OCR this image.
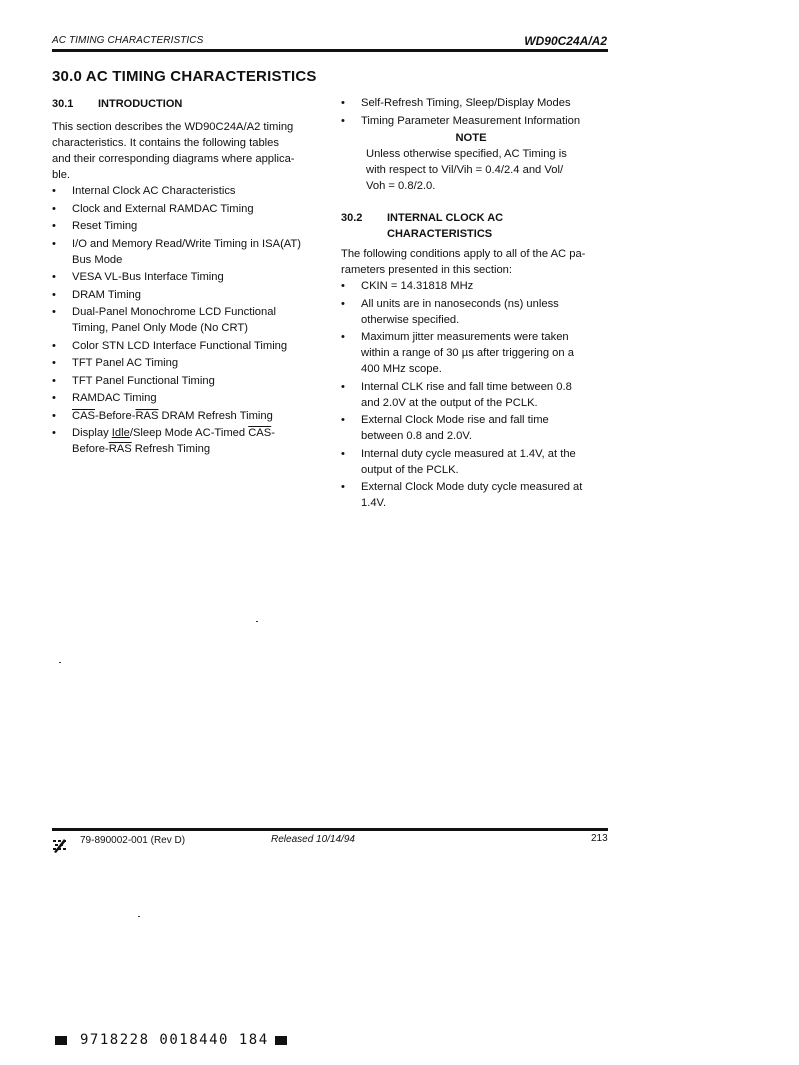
AC TIMING CHARACTERISTICS	WD90C24A/A2
30.0 AC TIMING CHARACTERISTICS
30.1 INTRODUCTION

This section describes the WD90C24A/A2 timing

characteristics. It contains the following tables

and their corresponding diagrams where applica-

ble.

•	Internal Clock AC Characteristics
•	Clock and External RAMDAC Timing
•	Reset Timing
•	I/O and Memory Read/Write Timing in ISA(AT)
Bus Mode
•	VESA VL-Bus Interface Timing
•	DRAM Timing
•	Dual-Panel Monochrome LCD Functional
Timing, Panel Only Mode (No CRT)
•	Color STN LCD Interface Functional Timing
•	TFT Panel AC Timing
•	TFT Panel Functional Timing
•	RAMDAC Timing
•	$\overline{CAS}-Before-\overline{RAS}$ DRAM Refresh Timing
•	Display Idle/Sleep Mode AC-Timed $\overline{CAS}-$
Before-$\overline{RAS}$ Refresh Timing
•	Self-Refresh Timing, Sleep/Display Modes
•	Timing Parameter Measurement Information
NOTE

Unless otherwise specified, AC Timing is

with respect to Vil/Vih = 0.4/2.4 and Vol/

Voh = 0.8/2.0.

30.2 INTERNAL CLOCK AC
CHARACTERISTICS

The following conditions apply to all of the AC pa-

rameters presented in this section:

•	CKIN = 14.31818 MHz
•	All units are in nanoseconds (ns) unless
otherwise specified.
•	Maximum jitter measurements were taken
within a range of 30 µs after triggering on a
400 MHz scope.
•	Internal CLK rise and fall time between 0.8
and 2.0V at the output of the PCLK.
•	External Clock Mode rise and fall time
between 0.8 and 2.0V.
•	Internal duty cycle measured at 1.4V, at the
output of the PCLK.
•	External Clock Mode duty cycle measured at
1.4V.
79-890002-001 (Rev D)	Released 10/14/94	213
9718228 0018440 184
